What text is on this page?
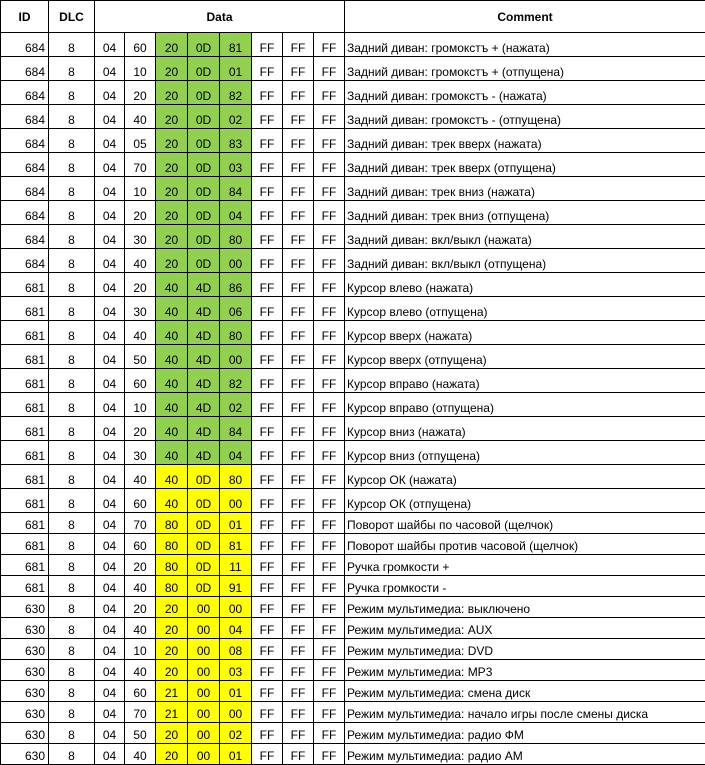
ID	DLC	Data								Comment
684	8	04	60	20	0D	81	FF	FF	FF	Задний диван: громокстъ + (нажата)
684	8	04	10	20	0D	01	FF	FF	FF	Задний диван: громокстъ + (отпущена)
684	8	04	20	20	0D	82	FF	FF	FF	Задний диван: громокстъ - (нажата)
684	8	04	40	20	0D	02	FF	FF	FF	Задний диван: громокстъ - (отпущена)
684	8	04	05	20	0D	83	FF	FF	FF	Задний диван: трек вверх (нажата)
684	8	04	70	20	0D	03	FF	FF	FF	Задний диван: трек вверх (отпущена)
684	8	04	10	20	0D	84	FF	FF	FF	Задний диван: трек вниз (нажата)
684	8	04	20	20	0D	04	FF	FF	FF	Задний диван: трек вниз (отпущена)
684	8	04	30	20	0D	80	FF	FF	FF	Задний диван: вкл/выкл (нажата)
684	8	04	40	20	0D	00	FF	FF	FF	Задний диван: вкл/выкл (отпущена)
681	8	04	20	40	4D	86	FF	FF	FF	Курсор влево (нажата)
681	8	04	30	40	4D	06	FF	FF	FF	Курсор влево (отпущена)
681	8	04	40	40	4D	80	FF	FF	FF	Курсор вверх (нажата)
681	8	04	50	40	4D	00	FF	FF	FF	Курсор вверх (отпущена)
681	8	04	60	40	4D	82	FF	FF	FF	Курсор вправо (нажата)
681	8	04	10	40	4D	02	FF	FF	FF	Курсор вправо (отпущена)
681	8	04	20	40	4D	84	FF	FF	FF	Курсор вниз (нажата)
681	8	04	30	40	4D	04	FF	FF	FF	Курсор вниз (отпущена)
681	8	04	40	40	0D	80	FF	FF	FF	Курсор ОК (нажата)
681	8	04	60	40	0D	00	FF	FF	FF	Курсор ОК (отпущена)
681	8	04	70	80	0D	01	FF	FF	FF	Поворот шайбы по часовой (щелчок)
681	8	04	60	80	0D	81	FF	FF	FF	Поворот шайбы против часовой (щелчок)
681	8	04	20	80	0D	11	FF	FF	FF	Ручка громкости +
681	8	04	40	80	0D	91	FF	FF	FF	Ручка громкости -
630	8	04	20	20	00	00	FF	FF	FF	Режим мультимедиа: выключено
630	8	04	40	20	00	04	FF	FF	FF	Режим мультимедиа: AUX
630	8	04	10	20	00	08	FF	FF	FF	Режим мультимедиа: DVD
630	8	04	40	20	00	03	FF	FF	FF	Режим мультимедиа: MP3
630	8	04	60	21	00	01	FF	FF	FF	Режим мультимедиа: смена диск
630	8	04	70	21	00	00	FF	FF	FF	Режим мультимедиа: начало игры после смены диска
630	8	04	50	20	00	02	FF	FF	FF	Режим мультимедиа: радио ФМ
630	8	04	40	20	00	01	FF	FF	FF	Режим мультимедиа: радио АМ
